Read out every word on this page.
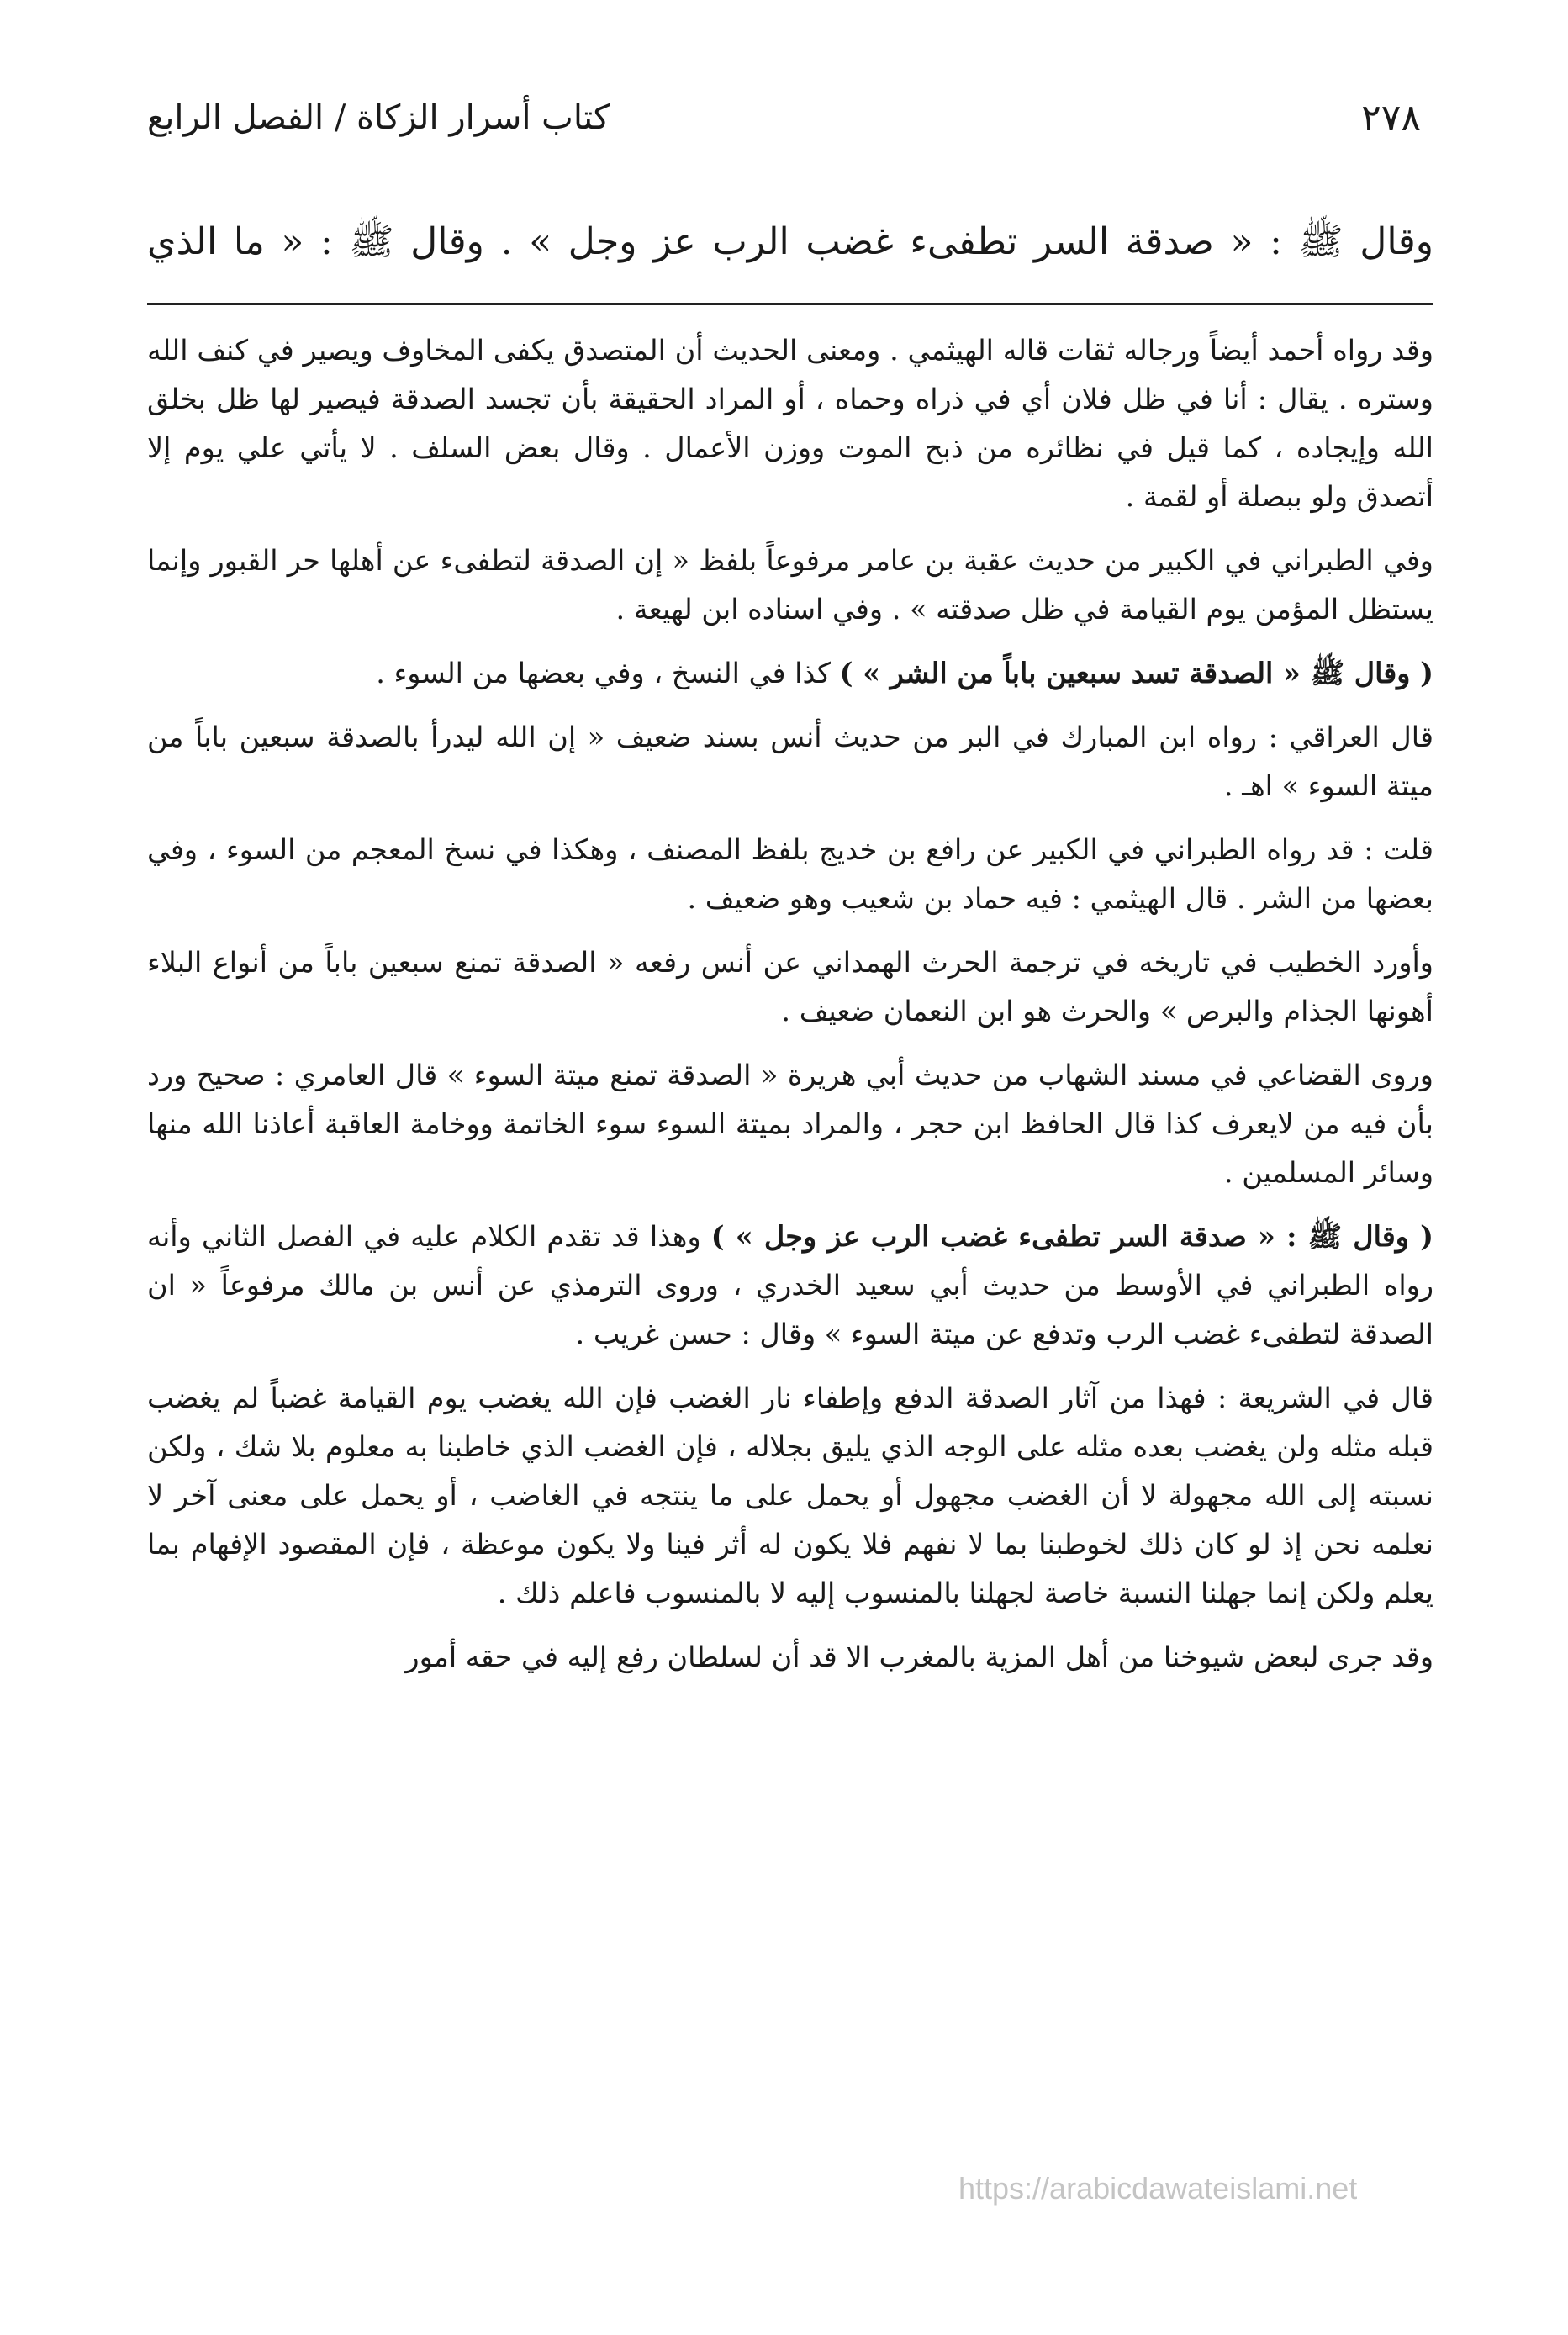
٢٧٨
كتاب أسرار الزكاة / الفصل الرابع
وقال ﷺ : « صدقة السر تطفىء غضب الرب عز وجل » . وقال ﷺ : « ما الذي

وقد رواه أحمد أيضاً ورجاله ثقات قاله الهيثمي . ومعنى الحديث أن المتصدق يكفى المخاوف ويصير في كنف الله وستره . يقال : أنا في ظل فلان أي في ذراه وحماه ، أو المراد الحقيقة بأن تجسد الصدقة فيصير لها ظل بخلق الله وإيجاده ، كما قيل في نظائره من ذبح الموت ووزن الأعمال . وقال بعض السلف . لا يأتي علي يوم إلا أتصدق ولو ببصلة أو لقمة .

وفي الطبراني في الكبير من حديث عقبة بن عامر مرفوعاً بلفظ « إن الصدقة لتطفىء عن أهلها حر القبور وإنما يستظل المؤمن يوم القيامة في ظل صدقته » . وفي اسناده ابن لهيعة .

( وقال ﷺ « الصدقة تسد سبعين باباً من الشر » ) كذا في النسخ ، وفي بعضها من السوء .

قال العراقي : رواه ابن المبارك في البر من حديث أنس بسند ضعيف « إن الله ليدرأ بالصدقة سبعين باباً من ميتة السوء » اهـ .

قلت : قد رواه الطبراني في الكبير عن رافع بن خديج بلفظ المصنف ، وهكذا في نسخ المعجم من السوء ، وفي بعضها من الشر . قال الهيثمي : فيه حماد بن شعيب وهو ضعيف .

وأورد الخطيب في تاريخه في ترجمة الحرث الهمداني عن أنس رفعه « الصدقة تمنع سبعين باباً من أنواع البلاء أهونها الجذام والبرص » والحرث هو ابن النعمان ضعيف .

وروى القضاعي في مسند الشهاب من حديث أبي هريرة « الصدقة تمنع ميتة السوء » قال العامري : صحيح ورد بأن فيه من لايعرف كذا قال الحافظ ابن حجر ، والمراد بميتة السوء سوء الخاتمة ووخامة العاقبة أعاذنا الله منها وسائر المسلمين .

( وقال ﷺ : « صدقة السر تطفىء غضب الرب عز وجل » ) وهذا قد تقدم الكلام عليه في الفصل الثاني وأنه رواه الطبراني في الأوسط من حديث أبي سعيد الخدري ، وروى الترمذي عن أنس بن مالك مرفوعاً « ان الصدقة لتطفىء غضب الرب وتدفع عن ميتة السوء » وقال : حسن غريب .

قال في الشريعة : فهذا من آثار الصدقة الدفع وإطفاء نار الغضب فإن الله يغضب يوم القيامة غضباً لم يغضب قبله مثله ولن يغضب بعده مثله على الوجه الذي يليق بجلاله ، فإن الغضب الذي خاطبنا به معلوم بلا شك ، ولكن نسبته إلى الله مجهولة لا أن الغضب مجهول أو يحمل على ما ينتجه في الغاضب ، أو يحمل على معنى آخر لا نعلمه نحن إذ لو كان ذلك لخوطبنا بما لا نفهم فلا يكون له أثر فينا ولا يكون موعظة ، فإن المقصود الإفهام بما يعلم ولكن إنما جهلنا النسبة خاصة لجهلنا بالمنسوب إليه لا بالمنسوب فاعلم ذلك .

وقد جرى لبعض شيوخنا من أهل المزية بالمغرب الا قد أن لسلطان رفع إليه في حقه أمور

https://arabicdawateislami.net
